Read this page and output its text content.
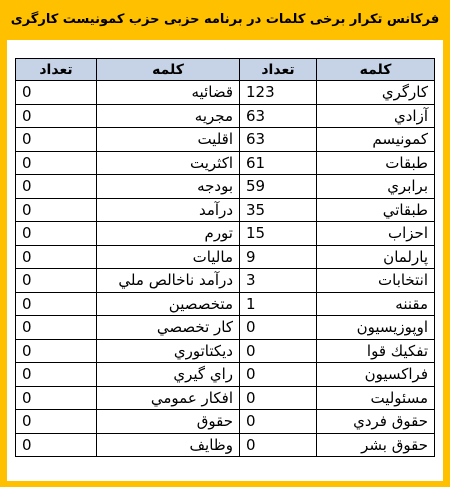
فركانس تكرار برخی كلمات در برنامه حزبی حزب كمونيست كارگری
كلمه	تعداد	كلمه	تعداد
كارگري	123	قضائيه	0
آزادي	63	مجريه	0
كمونيسم	63	اقليت	0
طبقات	61	اكثريت	0
برابري	59	بودجه	0
طبقاتي	35	درآمد	0
احزاب	15	تورم	0
پارلمان	9	ماليات	0
انتخابات	3	درآمد ناخالص ملي	0
مقننه	1	متخصصين	0
اوپوزيسيون	0	كار تخصصي	0
تفكيك قوا	0	ديكتاتوري	0
فراكسيون	0	راي گيري	0
مسئوليت	0	افكار عمومي	0
حقوق فردي	0	حقوق	0
حقوق بشر	0	وظايف	0
